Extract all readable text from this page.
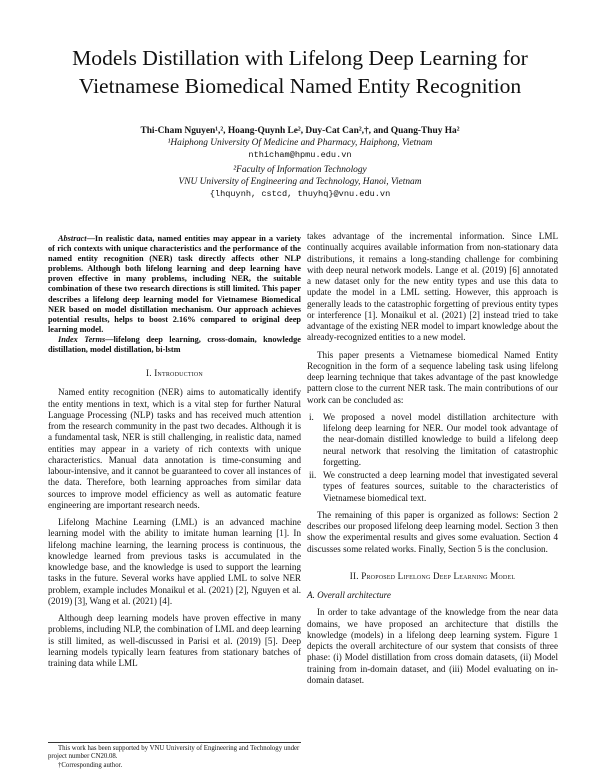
Models Distillation with Lifelong Deep Learning for Vietnamese Biomedical Named Entity Recognition
Thi-Cham Nguyen¹,², Hoang-Quynh Le², Duy-Cat Can²,†, and Quang-Thuy Ha²
¹Haiphong University Of Medicine and Pharmacy, Haiphong, Vietnam
nthicham@hpmu.edu.vn
²Faculty of Information Technology
VNU University of Engineering and Technology, Hanoi, Vietnam
{lhquynh, cstcd, thuyhq}@vnu.edu.vn

Abstract—In realistic data, named entities may appear in a variety of rich contexts with unique characteristics and the performance of the named entity recognition (NER) task directly affects other NLP problems. Although both lifelong learning and deep learning have proven effective in many problems, including NER, the suitable combination of these two research directions is still limited. This paper describes a lifelong deep learning model for Vietnamese Biomedical NER based on model distillation mechanism. Our approach achieves potential results, helps to boost 2.16% compared to original deep learning model.

Index Terms—lifelong deep learning, cross-domain, knowledge distillation, model distillation, bi-lstm

I. Introduction

Named entity recognition (NER) aims to automatically identify the entity mentions in text, which is a vital step for further Natural Language Processing (NLP) tasks and has received much attention from the research community in the past two decades. Although it is a fundamental task, NER is still challenging, in realistic data, named entities may appear in a variety of rich contexts with unique characteristics. Manual data annotation is time-consuming and labour-intensive, and it cannot be guaranteed to cover all instances of the data. Therefore, both learning approaches from similar data sources to improve model efficiency as well as automatic feature engineering are important research needs.

Lifelong Machine Learning (LML) is an advanced machine learning model with the ability to imitate human learning [1]. In lifelong machine learning, the learning process is continuous, the knowledge learned from previous tasks is accumulated in the knowledge base, and the knowledge is used to support the learning tasks in the future. Several works have applied LML to solve NER problem, example includes Monaikul et al. (2021) [2], Nguyen et al. (2019) [3], Wang et al. (2021) [4].

Although deep learning models have proven effective in many problems, including NLP, the combination of LML and deep learning is still limited, as well-discussed in Parisi et al. (2019) [5]. Deep learning models typically learn features from stationary batches of training data while LML

takes advantage of the incremental information. Since LML continually acquires available information from non-stationary data distributions, it remains a long-standing challenge for combining with deep neural network models. Lange et al. (2019) [6] annotated a new dataset only for the new entity types and use this data to update the model in a LML setting. However, this approach is generally leads to the catastrophic forgetting of previous entity types or interference [1]. Monaikul et al. (2021) [2] instead tried to take advantage of the existing NER model to impart knowledge about the already-recognized entities to a new model.

This paper presents a Vietnamese biomedical Named Entity Recognition in the form of a sequence labeling task using lifelong deep learning technique that takes advantage of the past knowledge pattern close to the current NER task. The main contributions of our work can be concluded as:

i. We proposed a novel model distillation architecture with lifelong deep learning for NER. Our model took advantage of the near-domain distilled knowledge to build a lifelong deep neural network that resolving the limitation of catastrophic forgetting.
ii. We constructed a deep learning model that investigated several types of features sources, suitable to the characteristics of Vietnamese biomedical text.

The remaining of this paper is organized as follows: Section 2 describes our proposed lifelong deep learning model. Section 3 then show the experimental results and gives some evaluation. Section 4 discusses some related works. Finally, Section 5 is the conclusion.

II. Proposed Lifelong Deep Learning Model
A. Overall architecture

In order to take advantage of the knowledge from the near data domains, we have proposed an architecture that distills the knowledge (models) in a lifelong deep learning system. Figure 1 depicts the overall architecture of our system that consists of three phase: (i) Model distillation from cross domain datasets, (ii) Model training from in-domain dataset, and (iii) Model evaluating on in-domain dataset.

This work has been supported by VNU University of Engineering and Technology under project number CN20.08.
†Corresponding author.
